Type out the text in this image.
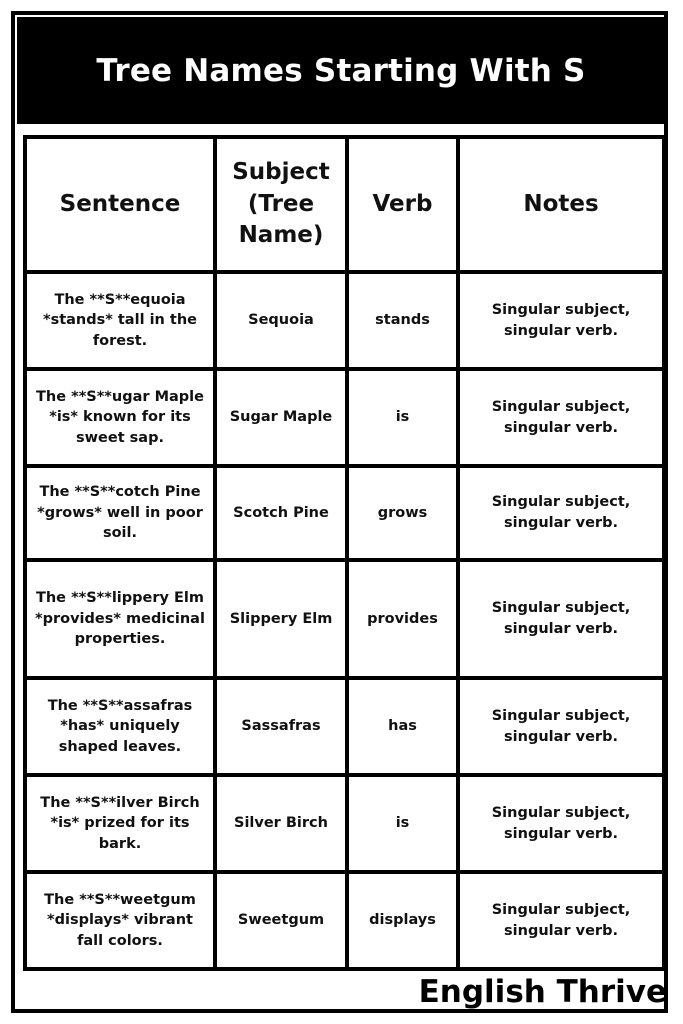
Tree Names Starting With S
Sentence	Subject (Tree Name)	Verb	Notes
The **S**equoia *stands* tall in the forest.	Sequoia	stands	Singular subject, singular verb.
The **S**ugar Maple *is* known for its sweet sap.	Sugar Maple	is	Singular subject, singular verb.
The **S**cotch Pine *grows* well in poor soil.	Scotch Pine	grows	Singular subject, singular verb.
The **S**lippery Elm *provides* medicinal properties.	Slippery Elm	provides	Singular subject, singular verb.
The **S**assafras *has* uniquely shaped leaves.	Sassafras	has	Singular subject, singular verb.
The **S**ilver Birch *is* prized for its bark.	Silver Birch	is	Singular subject, singular verb.
The **S**weetgum *displays* vibrant fall colors.	Sweetgum	displays	Singular subject, singular verb.

English Thrive
